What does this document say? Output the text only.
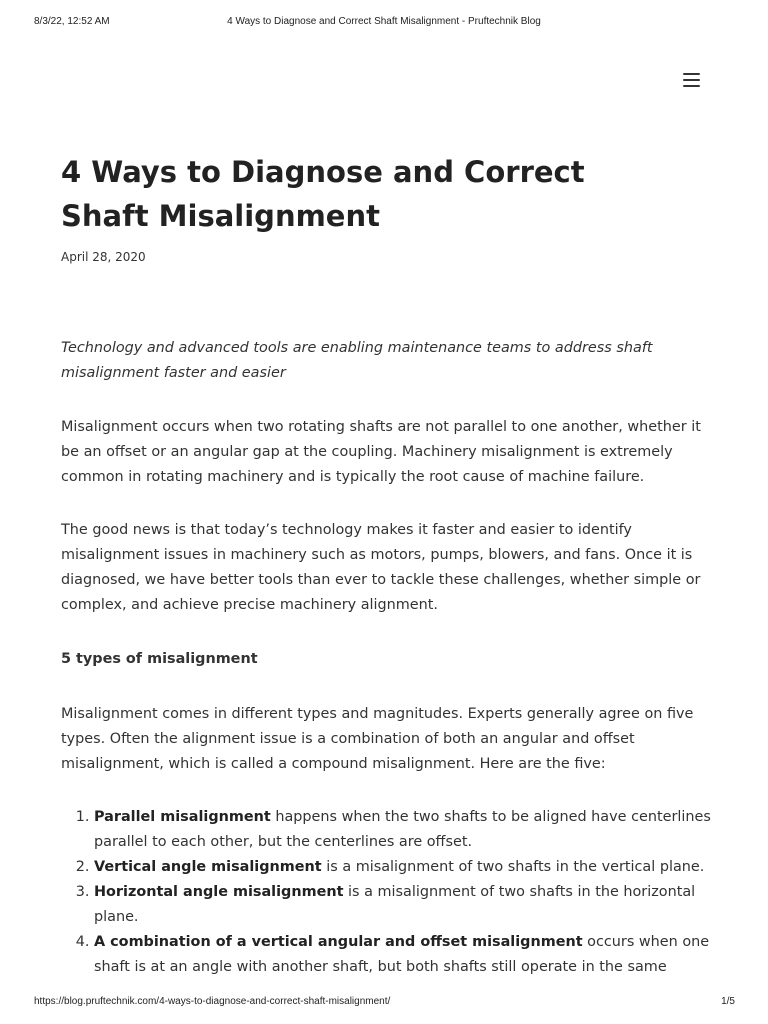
4 Ways to Diagnose and Correct Shaft Misalignment - Pruftechnik Blog
8/3/22, 12:52 AM
4 Ways to Diagnose and Correct Shaft Misalignment
April 28, 2020

Technology and advanced tools are enabling maintenance teams to address shaft misalignment faster and easier

Misalignment occurs when two rotating shafts are not parallel to one another, whether it be an offset or an angular gap at the coupling. Machinery misalignment is extremely common in rotating machinery and is typically the root cause of machine failure.

The good news is that today’s technology makes it faster and easier to identify misalignment issues in machinery such as motors, pumps, blowers, and fans. Once it is diagnosed, we have better tools than ever to tackle these challenges, whether simple or complex, and achieve precise machinery alignment.

5 types of misalignment

Misalignment comes in different types and magnitudes. Experts generally agree on five types. Often the alignment issue is a combination of both an angular and offset misalignment, which is called a compound misalignment. Here are the five:

1. Parallel misalignment happens when the two shafts to be aligned have centerlines parallel to each other, but the centerlines are offset.
2. Vertical angle misalignment is a misalignment of two shafts in the vertical plane.
3. Horizontal angle misalignment is a misalignment of two shafts in the horizontal plane.
4. A combination of a vertical angular and offset misalignment occurs when one shaft is at an angle with another shaft, but both shafts still operate in the same
https://blog.pruftechnik.com/4-ways-to-diagnose-and-correct-shaft-misalignment/	1/5
